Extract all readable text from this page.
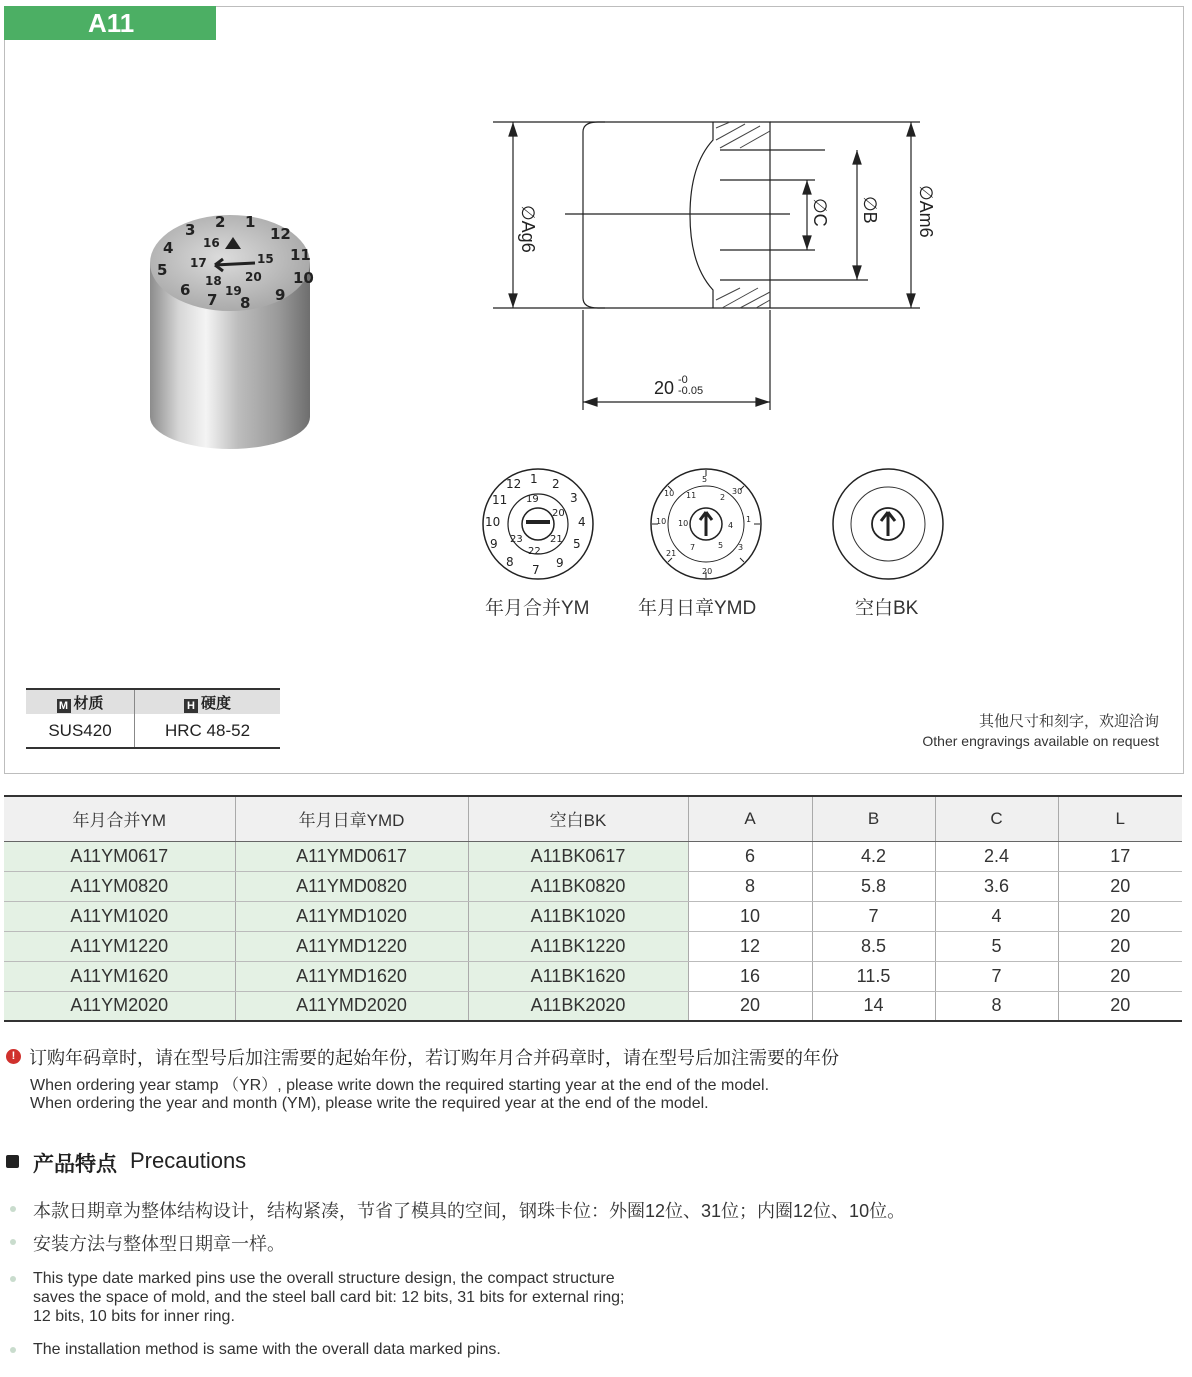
A11
2 1
12
11
10
9
8
7
6
5
4
3
16
17
18
19
20
15
∅Ag6	∅C ∅B ∅Am6
20 -0
-0.05
1 2
3
4
5
9
7
8
9
10
11
12
19
20
21
22
23
5
30
1
3
20
21
10
10 11	2
4
5
7
10
年月合并YM	年月日章YMD	空白BK
M 材质	H 硬度
SUS420	HRC 48-52	其他尺寸和刻字，欢迎洽询
Other engravings available on request
年月合并YM	年月日章YMD	空白BK	A	B	C	L
A11YM0617	A11YMD0617	A11BK0617	6	4.2	2.4	17
A11YM0820	A11YMD0820	A11BK0820	8	5.8	3.6	20
A11YM1020	A11YMD1020	A11BK1020	10	7	4	20
A11YM1220	A11YMD1220	A11BK1220	12	8.5	5	20
A11YM1620	A11YMD1620	A11BK1620	16	11.5	7	20
A11YM2020	A11YMD2020	A11BK2020	20	14	8	20
! 订购年码章时，请在型号后加注需要的起始年份，若订购年月合并码章时，请在型号后加注需要的年份
When ordering year stamp （YR）, please write down the required starting year at the end of the model.
When ordering the year and month (YM), please write the required year at the end of the model.
产品特点 Precautions
本款日期章为整体结构设计，结构紧凑，节省了模具的空间，钢珠卡位：外圈12位、31位；内圈12位、10位。
安装方法与整体型日期章一样。
This type date marked pins use the overall structure design, the compact structure
saves the space of mold, and the steel ball card bit: 12 bits, 31 bits for external ring;
12 bits, 10 bits for inner ring.
The installation method is same with the overall data marked pins.
